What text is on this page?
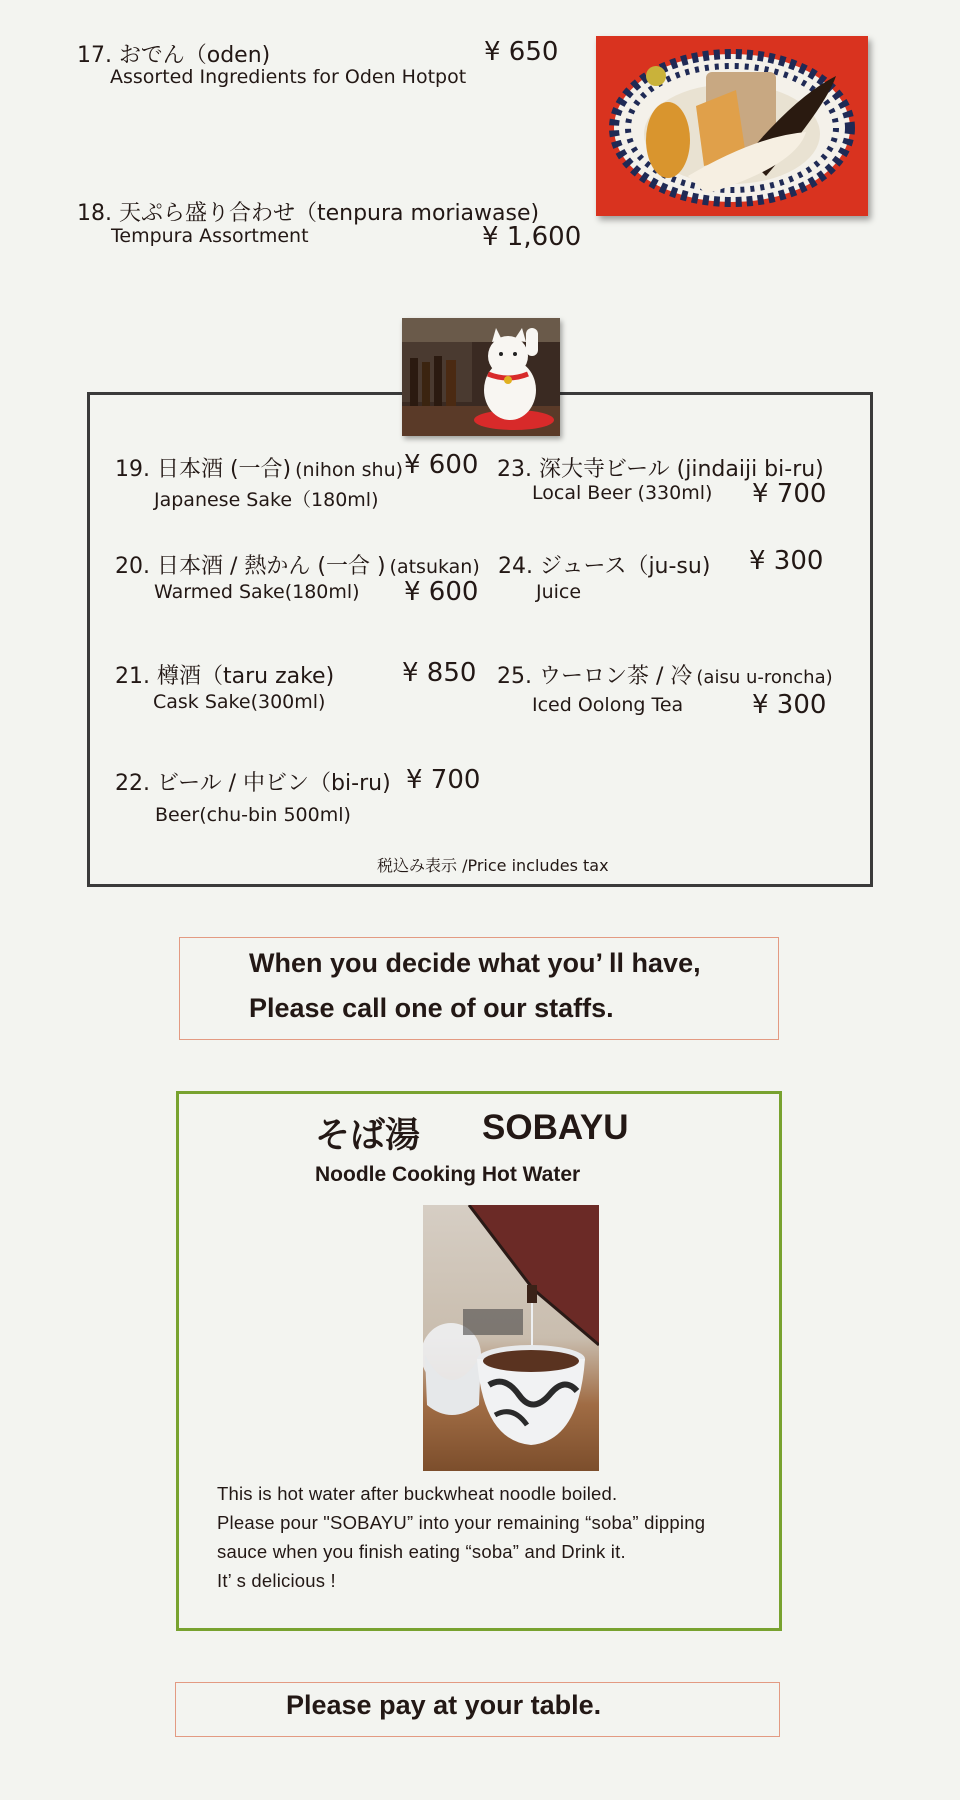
17. おでん（oden)
Assorted Ingredients for Oden Hotpot
¥ 650
18. 天ぷら盛り合わせ（tenpura moriawase)
Tempura Assortment	¥ 1,600
19. 日本酒 (一合) (nihon shu)
Japanese Sake（180ml)
¥ 600
20. 日本酒 / 熱かん (一合 ) (atsukan)
Warmed Sake(180ml) ¥ 600
21. 樽酒（taru zake)
Cask Sake(300ml)
¥ 850
22. ビール / 中ビン（bi-ru)
Beer(chu-bin 500ml)
¥ 700
23. 深大寺ビール (jindaiji bi-ru)
Local Beer (330ml) ¥ 700
24. ジュース（ju-su)
Juice
¥ 300
25. ウーロン茶 / 冷 (aisu u-roncha)
Iced Oolong Tea	¥ 300
税込み表示 /Price includes tax
When you decide what you’ ll have,
Please call one of our staffs.
そば湯 SOBAYU
Noodle Cooking Hot Water
This is hot water after buckwheat noodle boiled.
Please pour "SOBAYU” into your remaining “soba” dipping
sauce when you finish eating “soba” and Drink it.
It’ s delicious !
Please pay at your table.
